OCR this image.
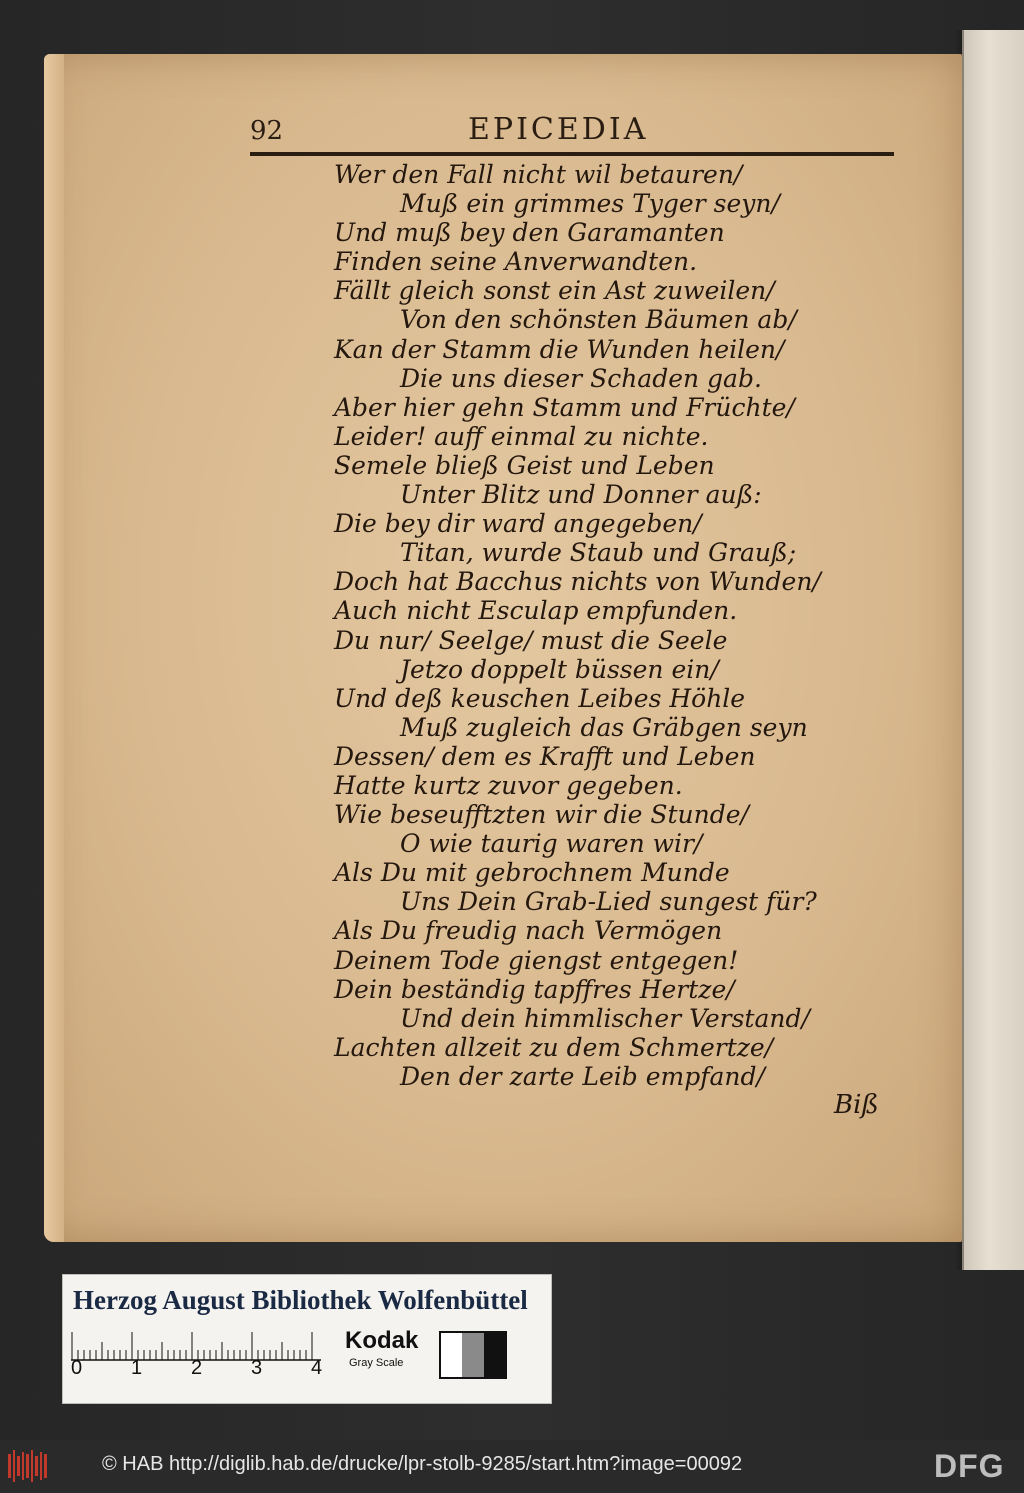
92	EPICEDIA
Wer den Fall nicht wil betauren/
Muß ein grimmes Tyger seyn/
Und muß bey den Garamanten
Finden seine Anverwandten.
Fällt gleich sonst ein Ast zuweilen/
Von den schönsten Bäumen ab/
Kan der Stamm die Wunden heilen/
Die uns dieser Schaden gab.
Aber hier gehn Stamm und Früchte/
Leider! auff einmal zu nichte.
Semele bließ Geist und Leben
Unter Blitz und Donner auß:
Die bey dir ward angegeben/
Titan, wurde Staub und Grauß;
Doch hat Bacchus nichts von Wunden/
Auch nicht Esculap empfunden.
Du nur/ Seelge/ must die Seele
Jetzo doppelt büssen ein/
Und deß keuschen Leibes Höhle
Muß zugleich das Gräbgen seyn
Dessen/ dem es Krafft und Leben
Hatte kurtz zuvor gegeben.
Wie beseufftzten wir die Stunde/
O wie taurig waren wir/
Als Du mit gebrochnem Munde
Uns Dein Grab-Lied sungest für?
Als Du freudig nach Vermögen
Deinem Tode giengst entgegen!
Dein beständig tapffres Hertze/
Und dein himmlischer Verstand/
Lachten allzeit zu dem Schmertze/
Den der zarte Leib empfand/
Biß
Herzog August Bibliothek Wolfenbüttel
0 1 2 3 4
Kodak
Gray Scale
© HAB http://diglib.hab.de/drucke/lpr-stolb-9285/start.htm?image=00092	DFG
